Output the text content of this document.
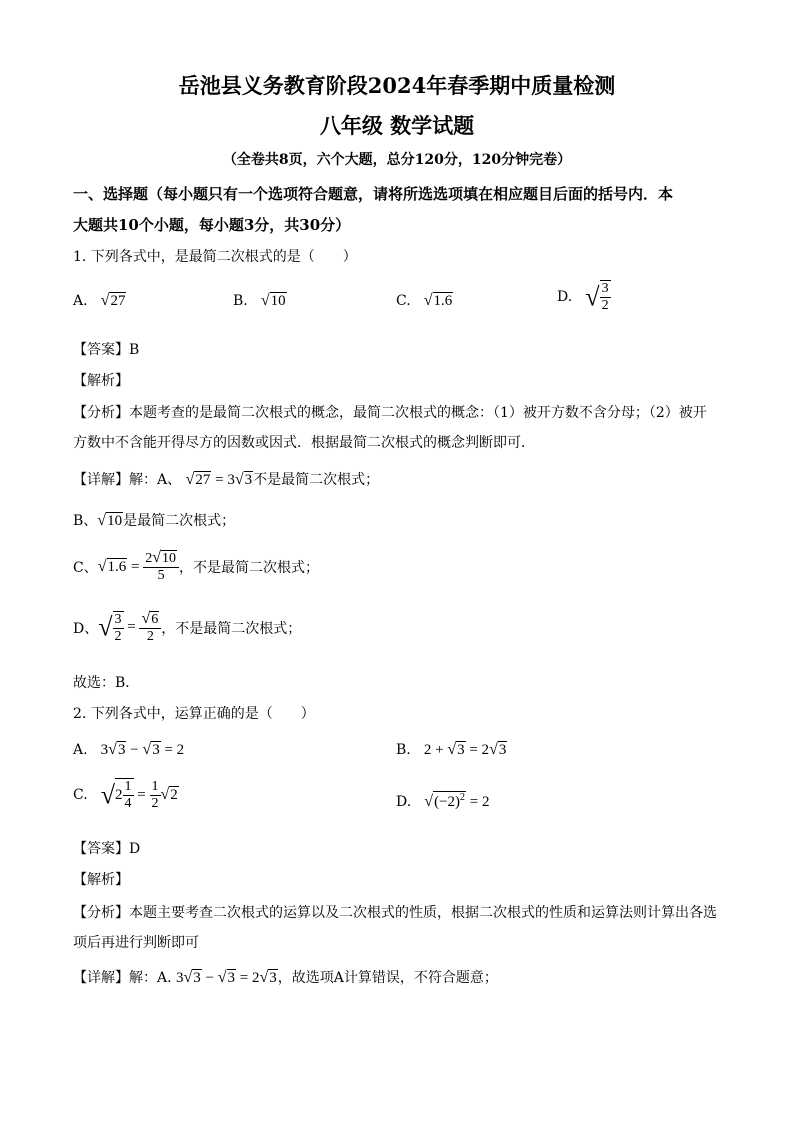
岳池县义务教育阶段2024年春季期中质量检测
八年级 数学试题
（全卷共8页，六个大题，总分120分，120分钟完卷）
一、选择题（每小题只有一个选项符合题意，请将所选选项填在相应题目后面的括号内．本
大题共10个小题，每小题3分，共30分）
1. 下列各式中，是最简二次根式的是（　　）
A. √27	B. √10	C. √1.6	D. √ $\frac{3}{2}$
【答案】B
【解析】
【分析】本题考查的是最简二次根式的概念，最简二次根式的概念：（1）被开方数不含分母；（2）被开
方数中不含能开得尽方的因数或因式．根据最简二次根式的概念判断即可．
【详解】解：A、 √27 = 3√3不是最简二次根式；
B、√10是最简二次根式；
C、$√1.6 = \frac{2√10}{5}$ ，不是最简二次根式；
D、√ $\frac{3}{2} = \frac{√6}{2}$ ，不是最简二次根式；
故选：B．
2. 下列各式中，运算正确的是（　　）
A. 3√3 − √3 = 2	B. 2 + √3 = 2√3
C. $√2 \frac{1}{4} = \frac{1}{2} √2$	D. $√(-2)^2 = 2$
【答案】D
【解析】
【分析】本题主要考查二次根式的运算以及二次根式的性质，根据二次根式的性质和运算法则计算出各选
项后再进行判断即可
【详解】解：A. 3√3 − √3 = 2√3，故选项A计算错误，不符合题意；
